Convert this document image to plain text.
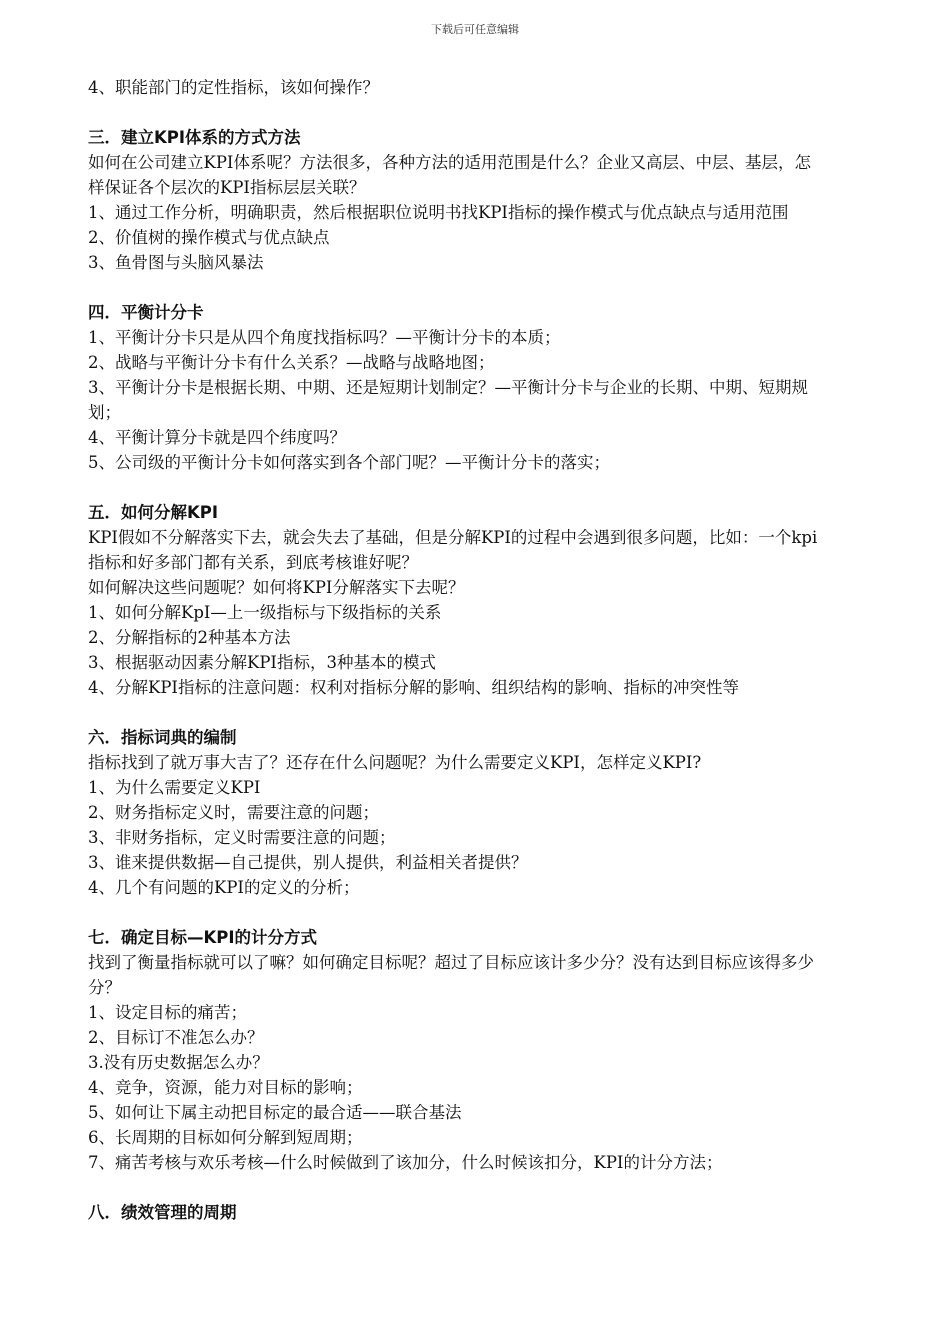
下载后可任意编辑

4、职能部门的定性指标，该如何操作？

三．建立KPI体系的方式方法

如何在公司建立KPI体系呢？方法很多，各种方法的适用范围是什么？企业又高层、中层、基层，怎样保证各个层次的KPI指标层层关联？

1、通过工作分析，明确职责，然后根据职位说明书找KPI指标的操作模式与优点缺点与适用范围

2、价值树的操作模式与优点缺点

3、鱼骨图与头脑风暴法

四．平衡计分卡

1、平衡计分卡只是从四个角度找指标吗？—平衡计分卡的本质；

2、战略与平衡计分卡有什么关系？—战略与战略地图；

3、平衡计分卡是根据长期、中期、还是短期计划制定？—平衡计分卡与企业的长期、中期、短期规划；

4、平衡计算分卡就是四个纬度吗？

5、公司级的平衡计分卡如何落实到各个部门呢？—平衡计分卡的落实；

五．如何分解KPI

KPI假如不分解落实下去，就会失去了基础，但是分解KPI的过程中会遇到很多问题，比如：一个kpi指标和好多部门都有关系，到底考核谁好呢？

如何解决这些问题呢？如何将KPI分解落实下去呢？

1、如何分解KpI—上一级指标与下级指标的关系

2、分解指标的2种基本方法

3、根据驱动因素分解KPI指标，3种基本的模式

4、分解KPI指标的注意问题：权利对指标分解的影响、组织结构的影响、指标的冲突性等

六．指标词典的编制

指标找到了就万事大吉了？还存在什么问题呢？为什么需要定义KPI，怎样定义KPI?

1、为什么需要定义KPI

2、财务指标定义时，需要注意的问题；

3、非财务指标，定义时需要注意的问题；

3、谁来提供数据—自己提供，别人提供，利益相关者提供？

4、几个有问题的KPI的定义的分析；

七．确定目标—KPI的计分方式

找到了衡量指标就可以了嘛？如何确定目标呢？超过了目标应该计多少分？没有达到目标应该得多少分？

1、设定目标的痛苦；

2、目标订不准怎么办？

3.没有历史数据怎么办？

4、竞争，资源，能力对目标的影响；

5、如何让下属主动把目标定的最合适——联合基法

6、长周期的目标如何分解到短周期；

7、痛苦考核与欢乐考核—什么时候做到了该加分，什么时候该扣分，KPI的计分方法；

八．绩效管理的周期
